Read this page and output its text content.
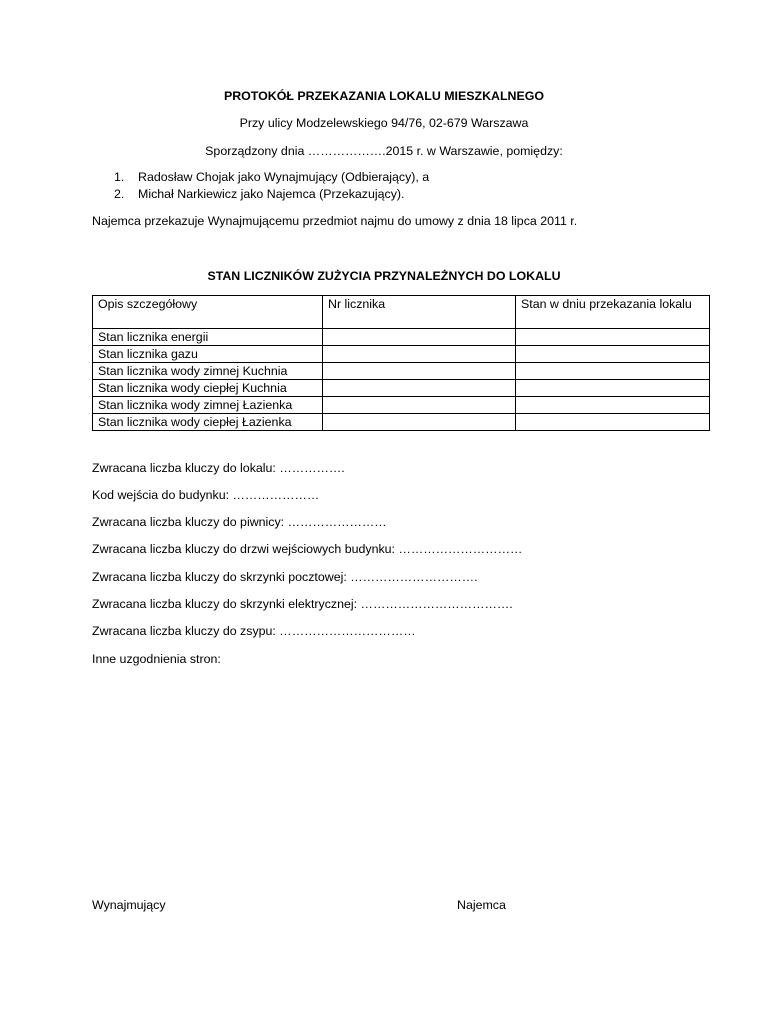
PROTOKÓŁ PRZEKAZANIA LOKALU MIESZKALNEGO
Przy ulicy Modzelewskiego 94/76, 02-679 Warszawa
Sporządzony dnia ……………….2015 r. w Warszawie, pomiędzy:
1. Radosław Chojak jako Wynajmujący (Odbierający), a
2. Michał Narkiewicz jako Najemca (Przekazujący).
Najemca przekazuje Wynajmującemu przedmiot najmu do umowy z dnia 18 lipca 2011 r.
STAN LICZNIKÓW ZUŻYCIA PRZYNALEŻNYCH DO LOKALU
Opis szczegółowy	Nr licznika	Stan w dniu przekazania lokalu
Stan licznika energii		
Stan licznika gazu		
Stan licznika wody zimnej Kuchnia		
Stan licznika wody ciepłej Kuchnia		
Stan licznika wody zimnej Łazienka		
Stan licznika wody ciepłej Łazienka		
Zwracana liczba kluczy do lokalu: …………….
Kod wejścia do budynku: …………………
Zwracana liczba kluczy do piwnicy: ……………………
Zwracana liczba kluczy do drzwi wejściowych budynku: …………………………
Zwracana liczba kluczy do skrzynki pocztowej: ………………………….
Zwracana liczba kluczy do skrzynki elektrycznej: ……………………………….
Zwracana liczba kluczy do zsypu: ……………………………
Inne uzgodnienia stron:
Wynajmujący	Najemca
